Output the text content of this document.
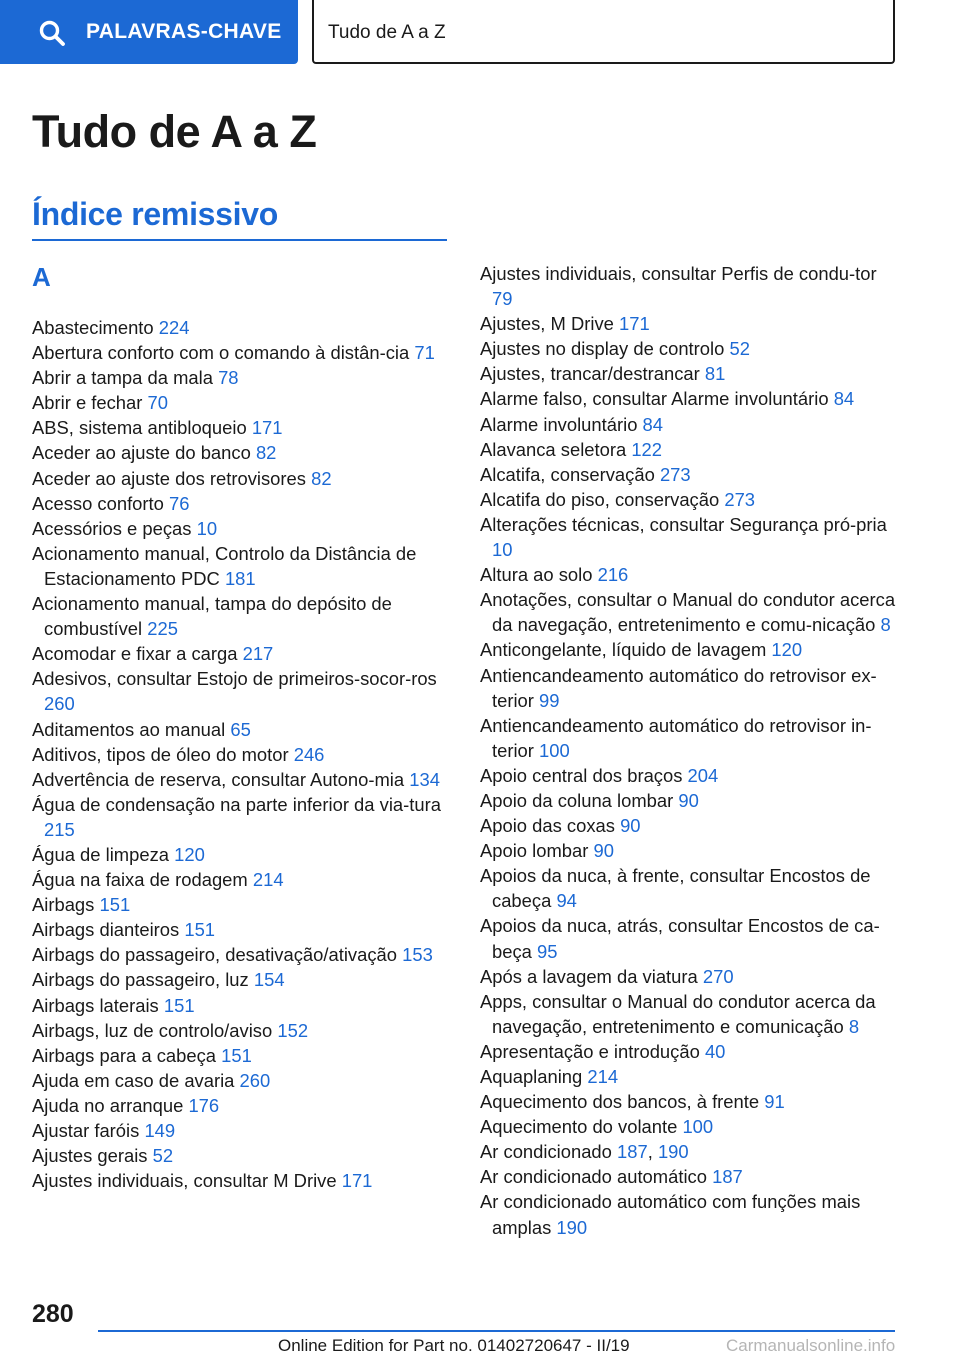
PALAVRAS-CHAVE Tudo de A a Z
Tudo de A a Z
Índice remissivo
A
Abastecimento 224
Abertura conforto com o comando à distân-cia 71
Abrir a tampa da mala 78
Abrir e fechar 70
ABS, sistema antibloqueio 171
Aceder ao ajuste do banco 82
Aceder ao ajuste dos retrovisores 82
Acesso conforto 76
Acessórios e peças 10
Acionamento manual, Controlo da Distância de Estacionamento PDC 181
Acionamento manual, tampa do depósito de combustível 225
Acomodar e fixar a carga 217
Adesivos, consultar Estojo de primeiros-socor-ros 260
Aditamentos ao manual 65
Aditivos, tipos de óleo do motor 246
Advertência de reserva, consultar Autono-mia 134
Água de condensação na parte inferior da via-tura 215
Água de limpeza 120
Água na faixa de rodagem 214
Airbags 151
Airbags dianteiros 151
Airbags do passageiro, desativação/ativação 153
Airbags do passageiro, luz 154
Airbags laterais 151
Airbags, luz de controlo/aviso 152
Airbags para a cabeça 151
Ajuda em caso de avaria 260
Ajuda no arranque 176
Ajustar faróis 149
Ajustes gerais 52
Ajustes individuais, consultar M Drive 171
Ajustes individuais, consultar Perfis de condu-tor 79
Ajustes, M Drive 171
Ajustes no display de controlo 52
Ajustes, trancar/destrancar 81
Alarme falso, consultar Alarme involuntário 84
Alarme involuntário 84
Alavanca seletora 122
Alcatifa, conservação 273
Alcatifa do piso, conservação 273
Alterações técnicas, consultar Segurança pró-pria 10
Altura ao solo 216
Anotações, consultar o Manual do condutor acerca da navegação, entretenimento e comu-nicação 8
Anticongelante, líquido de lavagem 120
Antiencandeamento automático do retrovisor ex-terior 99
Antiencandeamento automático do retrovisor in-terior 100
Apoio central dos braços 204
Apoio da coluna lombar 90
Apoio das coxas 90
Apoio lombar 90
Apoios da nuca, à frente, consultar Encostos de cabeça 94
Apoios da nuca, atrás, consultar Encostos de ca-beça 95
Após a lavagem da viatura 270
Apps, consultar o Manual do condutor acerca da navegação, entretenimento e comunicação 8
Apresentação e introdução 40
Aquaplaning 214
Aquecimento dos bancos, à frente 91
Aquecimento do volante 100
Ar condicionado 187, 190
Ar condicionado automático 187
Ar condicionado automático com funções mais amplas 190
280
Online Edition for Part no. 01402720647 - II/19	Carmanualsonline.info
